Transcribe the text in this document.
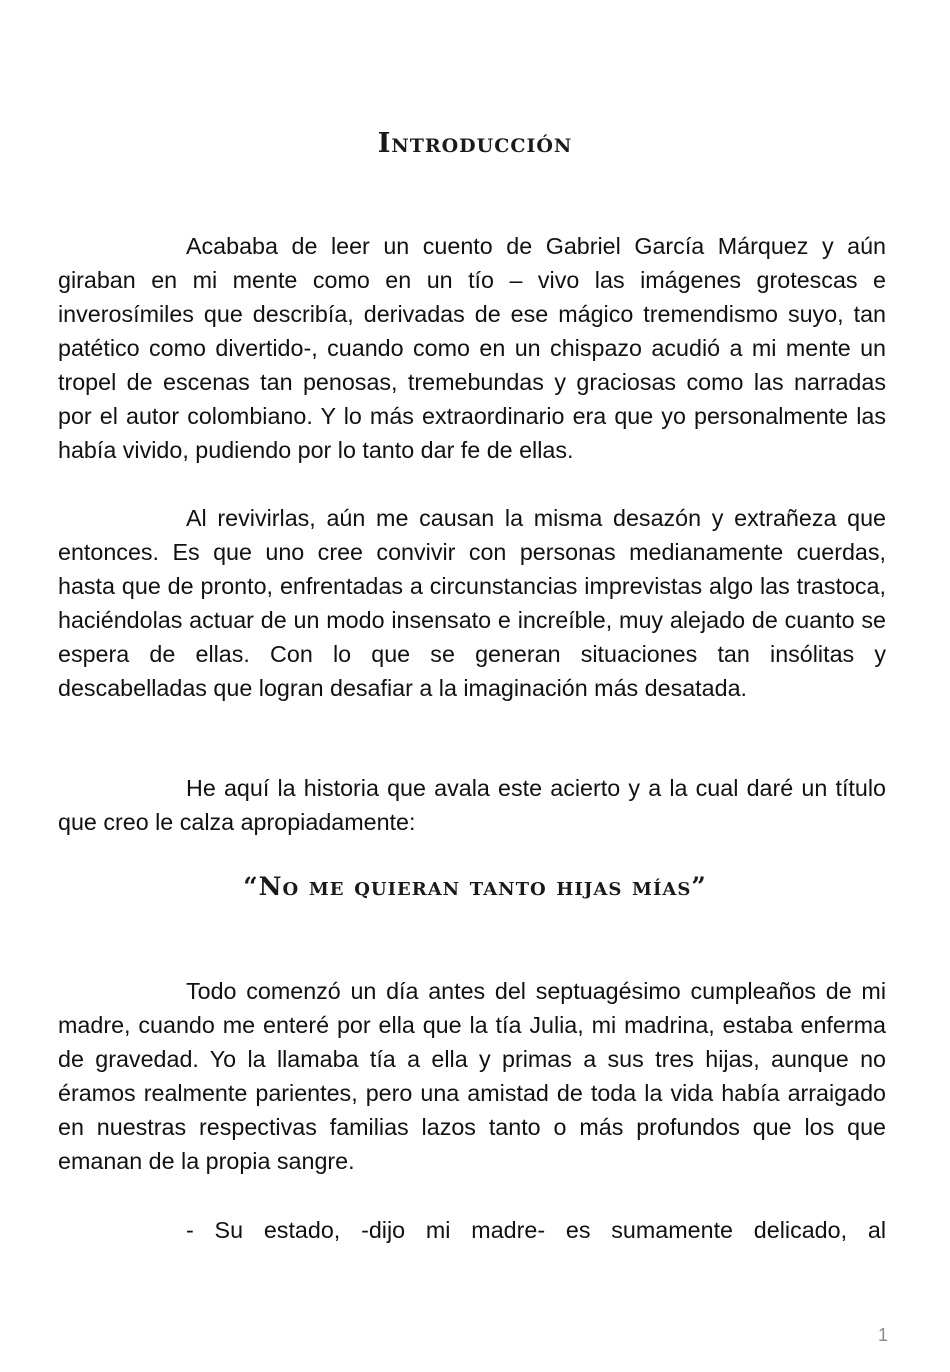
Introducción

Acababa de leer un cuento de Gabriel García Márquez y aún giraban en mi mente como en un tío – vivo las imágenes grotescas e inverosímiles que describía, derivadas de ese mágico tremendismo suyo, tan patético como divertido-, cuando como en un chispazo acudió a mi mente un tropel de escenas tan penosas, tremebundas y graciosas como las narradas por el autor colombiano. Y lo más extraordinario era que yo personalmente las había vivido, pudiendo por lo tanto dar fe de ellas.

Al revivirlas, aún me causan la misma desazón y extrañeza que entonces. Es que uno cree convivir con personas medianamente cuerdas, hasta que de pronto, enfrentadas a circunstancias imprevistas algo las trastoca, haciéndolas actuar de un modo insensato e increíble, muy alejado de cuanto se espera de ellas. Con lo que se generan situaciones tan insólitas y descabelladas que logran desafiar a la imaginación más desatada.

He aquí la historia que avala este acierto y a la cual daré un título que creo le calza apropiadamente:

“No me quieran tanto hijas mías”

Todo comenzó un día antes del septuagésimo cumpleaños de mi madre, cuando me enteré por ella que la tía Julia, mi madrina, estaba enferma de gravedad. Yo la llamaba tía a ella y primas a sus tres hijas, aunque no éramos realmente parientes, pero una amistad de toda la vida había arraigado en nuestras respectivas familias lazos tanto o más profundos que los que emanan de la propia sangre.

- Su estado, -dijo mi madre- es sumamente delicado, al

1
